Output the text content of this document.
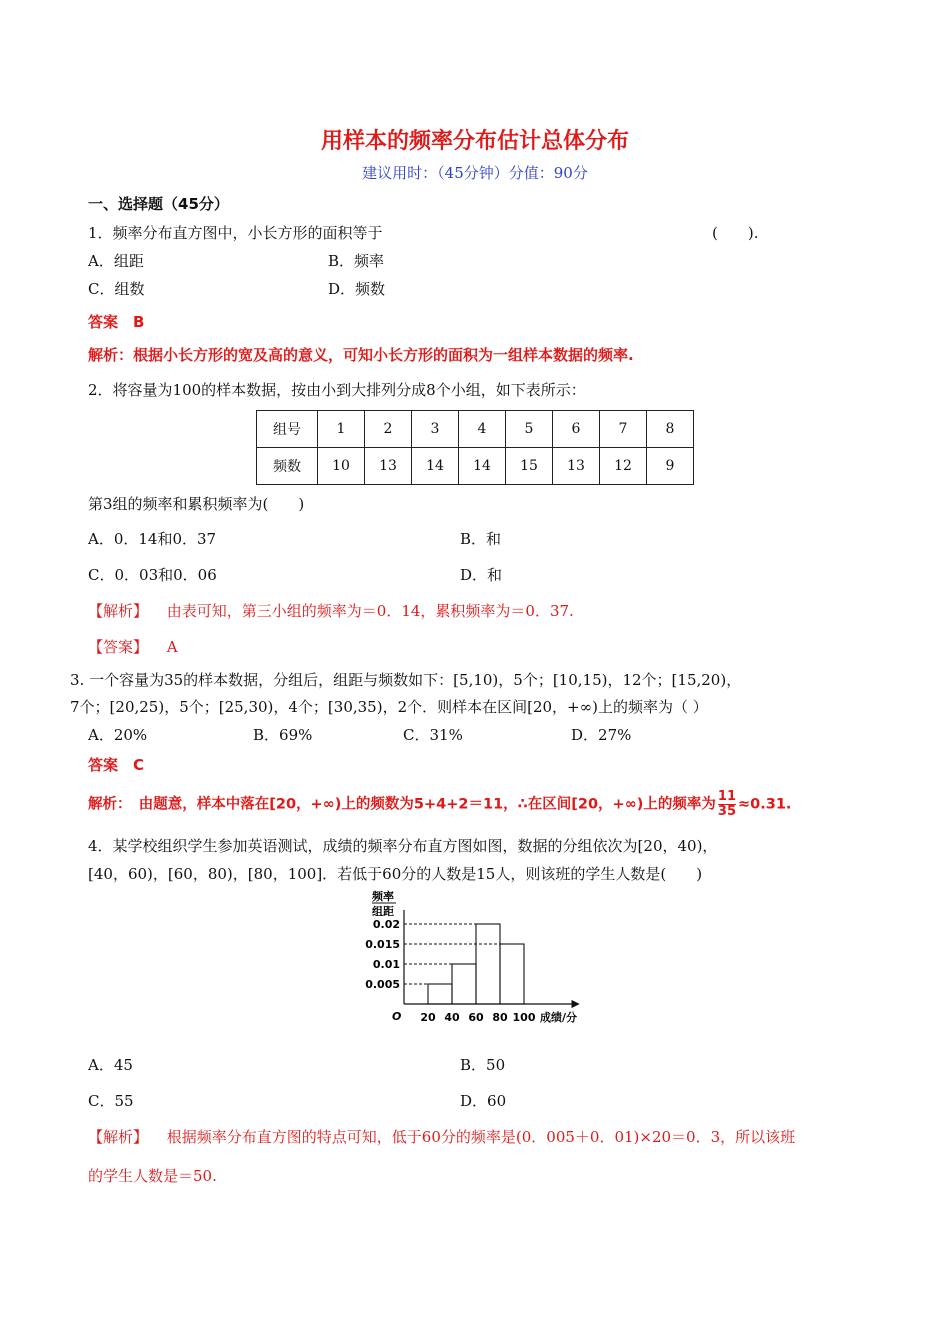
用样本的频率分布估计总体分布
建议用时：（45分钟）分值：90分
一、选择题（45分）
1．频率分布直方图中，小长方形的面积等于	(　　).
A．组距	B．频率
C．组数	D．频数
答案　B
解析：根据小长方形的宽及高的意义，可知小长方形的面积为一组样本数据的频率.
2．将容量为100的样本数据，按由小到大排列分成8个小组，如下表所示：
组号	1	2	3	4	5	6	7	8
频数	10	13	14	14	15	13	12	9
第3组的频率和累积频率为(　　)
A．0．14和0．37	B．和
C．0．03和0．06	D．和
【解析】 由表可知，第三小组的频率为＝0．14，累积频率为＝0．37.
【答案】 A
3. 一个容量为35的样本数据，分组后，组距与频数如下：[5,10)，5个；[10,15)，12个；[15,20)，
7个；[20,25)，5个；[25,30)，4个；[30,35)，2个．则样本在区间[20，+∞)上的频率为（ ）
A．20%	B．69%	C．31%	D．27%
答案　C
解析：　由题意，样本中落在[20，+∞)上的频数为5+4+2＝11，∴在区间[20，+∞)上的频率为 $\frac{11}{35} \approx 0.31$.
4．某学校组织学生参加英语测试，成绩的频率分布直方图如图，数据的分组依次为[20，40)，
[40，60)，[60，80)，[80，100]．若低于60分的人数是15人，则该班的学生人数是(　　)
0.005
0.01
0.015
0.02
20 40 60 80 100
频率
组距
O	成绩/分
A．45	B．50
C．55	D．60
【解析】 根据频率分布直方图的特点可知，低于60分的频率是(0．005＋0．01)×20＝0．3，所以该班
的学生人数是＝50.
